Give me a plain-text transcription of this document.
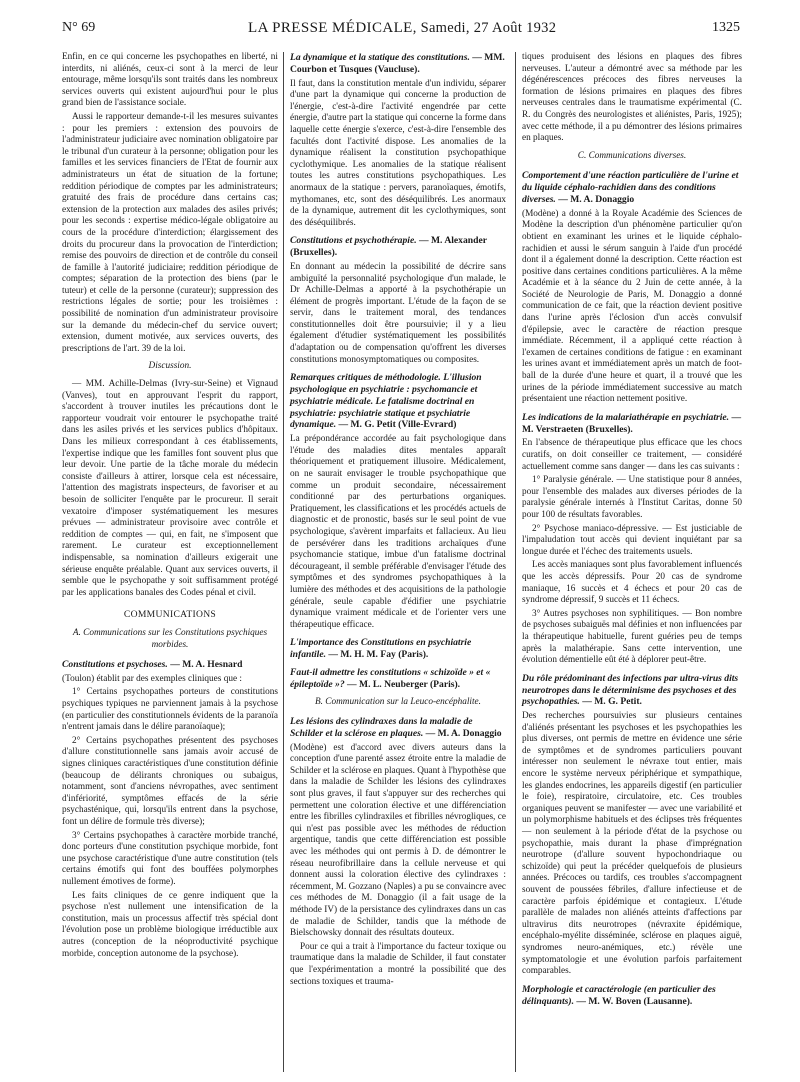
N° 69	LA PRESSE MÉDICALE, Samedi, 27 Août 1932	1325

Enfin, en ce qui concerne les psychopathes en liberté, ni interdits, ni aliénés, ceux-ci sont à la merci de leur entourage, même lorsqu'ils sont traités dans les nombreux services ouverts qui existent aujourd'hui pour le plus grand bien de l'assistance sociale.

Aussi le rapporteur demande-t-il les mesures suivantes : pour les premiers : extension des pouvoirs de l'administrateur judiciaire avec nomination obligatoire par le tribunal d'un curateur à la personne; obligation pour les familles et les services financiers de l'Etat de fournir aux administrateurs un état de situation de la fortune; reddition périodique de comptes par les administrateurs; gratuité des frais de procédure dans certains cas; extension de la protection aux malades des asiles privés; pour les seconds : expertise médico-légale obligatoire au cours de la procédure d'interdiction; élargissement des droits du procureur dans la provocation de l'interdiction; remise des pouvoirs de direction et de contrôle du conseil de famille à l'autorité judiciaire; reddition périodique de comptes; séparation de la protection des biens (par le tuteur) et celle de la personne (curateur); suppression des restrictions légales de sortie; pour les troisièmes : possibilité de nomination d'un administrateur provisoire sur la demande du médecin-chef du service ouvert; extension, dument motivée, aux services ouverts, des prescriptions de l'art. 39 de la loi.

Discussion.

— MM. Achille-Delmas (Ivry-sur-Seine) et Vignaud (Vanves), tout en approuvant l'esprit du rapport, s'accordent à trouver inutiles les précautions dont le rapporteur voudrait voir entourer le psychopathe traité dans les asiles privés et les services publics d'hôpitaux. Dans les milieux correspondant à ces établissements, l'expertise indique que les familles font souvent plus que leur devoir. Une partie de la tâche morale du médecin consiste d'ailleurs à attirer, lorsque cela est nécessaire, l'attention des magistrats inspecteurs, de favoriser et au besoin de solliciter l'enquête par le procureur. Il serait vexatoire d'imposer systématiquement les mesures prévues — administrateur provisoire avec contrôle et reddition de comptes — qui, en fait, ne s'imposent que rarement. Le curateur est exceptionnellement indispensable, sa nomination d'ailleurs exigerait une sérieuse enquête préalable. Quant aux services ouverts, il semble que le psychopathe y soit suffisamment protégé par les applications banales des Codes pénal et civil.

COMMUNICATIONS

A. Communications sur les Constitutions psychiques morbides.

Constitutions et psychoses. — M. A. Hesnard

(Toulon) établit par des exemples cliniques que :

1° Certains psychopathes porteurs de constitutions psychiques typiques ne parviennent jamais à la psychose (en particulier des constitutionnels évidents de la paranoïa n'entrent jamais dans le délire paranoïaque);

2° Certains psychopathes présentent des psychoses d'allure constitutionnelle sans jamais avoir accusé de signes cliniques caractéristiques d'une constitution définie (beaucoup de délirants chroniques ou subaigus, notamment, sont d'anciens névropathes, avec sentiment d'infériorité, symptômes effacés de la série psychasténique, qui, lorsqu'ils entrent dans la psychose, font un délire de formule très diverse);

3° Certains psychopathes à caractère morbide tranché, donc porteurs d'une constitution psychique morbide, font une psychose caractéristique d'une autre constitution (tels certains émotifs qui font des bouffées polymorphes nullement émotives de forme).

Les faits cliniques de ce genre indiquent que la psychose n'est nullement une intensification de la constitution, mais un processus affectif très spécial dont l'évolution pose un problème biologique irréductible aux autres (conception de la néoproductivité psychique morbide, conception autonome de la psychose).

La dynamique et la statique des constitutions. — MM. Courbon et Tusques (Vaucluse).

Il faut, dans la constitution mentale d'un individu, séparer d'une part la dynamique qui concerne la production de l'énergie, c'est-à-dire l'activité engendrée par cette énergie, d'autre part la statique qui concerne la forme dans laquelle cette énergie s'exerce, c'est-à-dire l'ensemble des facultés dont l'activité dispose. Les anomalies de la dynamique réalisent la constitution psychopathique cyclothymique. Les anomalies de la statique réalisent toutes les autres constitutions psychopathiques. Les anormaux de la statique : pervers, paranoïaques, émotifs, mythomanes, etc, sont des déséquilibrés. Les anormaux de la dynamique, autrement dit les cyclothymiques, sont des déséquilibrés.

Constitutions et psychothérapie. — M. Alexander (Bruxelles).

En donnant au médecin la possibilité de décrire sans ambiguïté la personnalité psychologique d'un malade, le Dr Achille-Delmas a apporté à la psychothérapie un élément de progrès important. L'étude de la façon de se servir, dans le traitement moral, des tendances constitutionnelles doit être poursuivie; il y a lieu également d'étudier systématiquement les possibilités d'adaptation ou de compensation qu'offrent les diverses constitutions monosymptomatiques ou composites.

Remarques critiques de méthodologie. L'illusion psychologique en psychiatrie : psychomancie et psychiatrie médicale. Le fatalisme doctrinal en psychiatrie: psychiatrie statique et psychiatrie dynamique. — M. G. Petit (Ville-Evrard)

La prépondérance accordée au fait psychologique dans l'étude des maladies dites mentales apparaît théoriquement et pratiquement illusoire. Médicalement, on ne saurait envisager le trouble psychopathique que comme un produit secondaire, nécessairement conditionné par des perturbations organiques. Pratiquement, les classifications et les procédés actuels de diagnostic et de pronostic, basés sur le seul point de vue psychologique, s'avèrent imparfaits et fallacieux. Au lieu de persévérer dans les traditions archaïques d'une psychomancie statique, imbue d'un fatalisme doctrinal décourageant, il semble préférable d'envisager l'étude des symptômes et des syndromes psychopathiques à la lumière des méthodes et des acquisitions de la pathologie générale, seule capable d'édifier une psychiatrie dynamique vraiment médicale et de l'orienter vers une thérapeutique efficace.

L'importance des Constitutions en psychiatrie infantile. — M. H. M. Fay (Paris).
Faut-il admettre les constitutions « schizoïde » et « épileptoïde »? — M. L. Neuberger (Paris).

B. Communication sur la Leuco-encéphalite.

Les lésions des cylindraxes dans la maladie de Schilder et la sclérose en plaques. — M. A. Donaggio

(Modène) est d'accord avec divers auteurs dans la conception d'une parenté assez étroite entre la maladie de Schilder et la sclérose en plaques. Quant à l'hypothèse que dans la maladie de Schilder les lésions des cylindraxes sont plus graves, il faut s'appuyer sur des recherches qui permettent une coloration élective et une différenciation entre les fibrilles cylindraxiles et fibrilles névrogliques, ce qui n'est pas possible avec les méthodes de réduction argentique, tandis que cette différenciation est possible avec les méthodes qui ont permis à D. de démontrer le réseau neurofibrillaire dans la cellule nerveuse et qui donnent aussi la coloration élective des cylindraxes : récemment, M. Gozzano (Naples) a pu se convaincre avec ces méthodes de M. Donaggio (il a fait usage de la méthode IV) de la persistance des cylindraxes dans un cas de maladie de Schilder, tandis que la méthode de Bielschowsky donnait des résultats douteux.

Pour ce qui a trait à l'importance du facteur toxique ou traumatique dans la maladie de Schilder, il faut constater que l'expérimentation a montré la possibilité que des sections toxiques et trauma-

tiques produisent des lésions en plaques des fibres nerveuses. L'auteur a démontré avec sa méthode par les dégénérescences précoces des fibres nerveuses la formation de lésions primaires en plaques des fibres nerveuses centrales dans le traumatisme expérimental (C. R. du Congrès des neurologistes et aliénistes, Paris, 1925); avec cette méthode, il a pu démontrer des lésions primaires en plaques.

C. Communications diverses.

Comportement d'une réaction particulière de l'urine et du liquide céphalo-rachidien dans des conditions diverses. — M. A. Donaggio

(Modène) a donné à la Royale Académie des Sciences de Modène la description d'un phénomène particulier qu'on obtient en examinant les urines et le liquide céphalo-rachidien et aussi le sérum sanguin à l'aide d'un procédé dont il a également donné la description. Cette réaction est positive dans certaines conditions particulières. A la même Académie et à la séance du 2 Juin de cette année, à la Société de Neurologie de Paris, M. Donaggio a donné communication de ce fait, que la réaction devient positive dans l'urine après l'éclosion d'un accès convulsif d'épilepsie, avec le caractère de réaction presque immédiate. Récemment, il a appliqué cette réaction à l'examen de certaines conditions de fatigue : en examinant les urines avant et immédiatement après un match de foot-ball de la durée d'une heure et quart, il a trouvé que les urines de la période immédiatement successive au match présentaient une réaction nettement positive.

Les indications de la malariathérapie en psychiatrie. — M. Verstraeten (Bruxelles).

En l'absence de thérapeutique plus efficace que les chocs curatifs, on doit conseiller ce traitement, — considéré actuellement comme sans danger — dans les cas suivants :

1° Paralysie générale. — Une statistique pour 8 années, pour l'ensemble des malades aux diverses périodes de la paralysie générale internés à l'Institut Caritas, donne 50 pour 100 de résultats favorables.

2° Psychose maniaco-dépressive. — Est justiciable de l'impaludation tout accès qui devient inquiétant par sa longue durée et l'échec des traitements usuels.

Les accès maniaques sont plus favorablement influencés que les accès dépressifs. Pour 20 cas de syndrome maniaque, 16 succès et 4 échecs et pour 20 cas de syndrome dépressif, 9 succès et 11 échecs.

3° Autres psychoses non syphilitiques. — Bon nombre de psychoses subaiguës mal définies et non influencées par la thérapeutique habituelle, furent guéries peu de temps après la malathérapie. Sans cette intervention, une évolution démentielle eût été à déplorer peut-être.

Du rôle prédominant des infections par ultra-virus dits neurotropes dans le déterminisme des psychoses et des psychopathies. — M. G. Petit.

Des recherches poursuivies sur plusieurs centaines d'aliénés présentant les psychoses et les psychopathies les plus diverses, ont permis de mettre en évidence une série de symptômes et de syndromes particuliers pouvant intéresser non seulement le névraxe tout entier, mais encore le système nerveux périphérique et sympathique, les glandes endocrines, les appareils digestif (en particulier le foie), respiratoire, circulatoire, etc. Ces troubles organiques peuvent se manifester — avec une variabilité et un polymorphisme habituels et des éclipses très fréquentes — non seulement à la période d'état de la psychose ou psychopathie, mais durant la phase d'imprégnation neurotrope (d'allure souvent hypochondriaque ou schizoïde) qui peut la précéder quelquefois de plusieurs années. Précoces ou tardifs, ces troubles s'accompagnent souvent de poussées fébriles, d'allure infectieuse et de caractère parfois épidémique et contagieux. L'étude parallèle de malades non aliénés atteints d'affections par ultravirus dits neurotropes (névraxite épidémique, encéphalo-myélite disséminée, sclérose en plaques aiguë, syndromes neuro-anémiques, etc.) révèle une symptomatologie et une évolution parfois parfaitement comparables.

Morphologie et caractérologie (en particulier des délinquants). — M. W. Boven (Lausanne).
